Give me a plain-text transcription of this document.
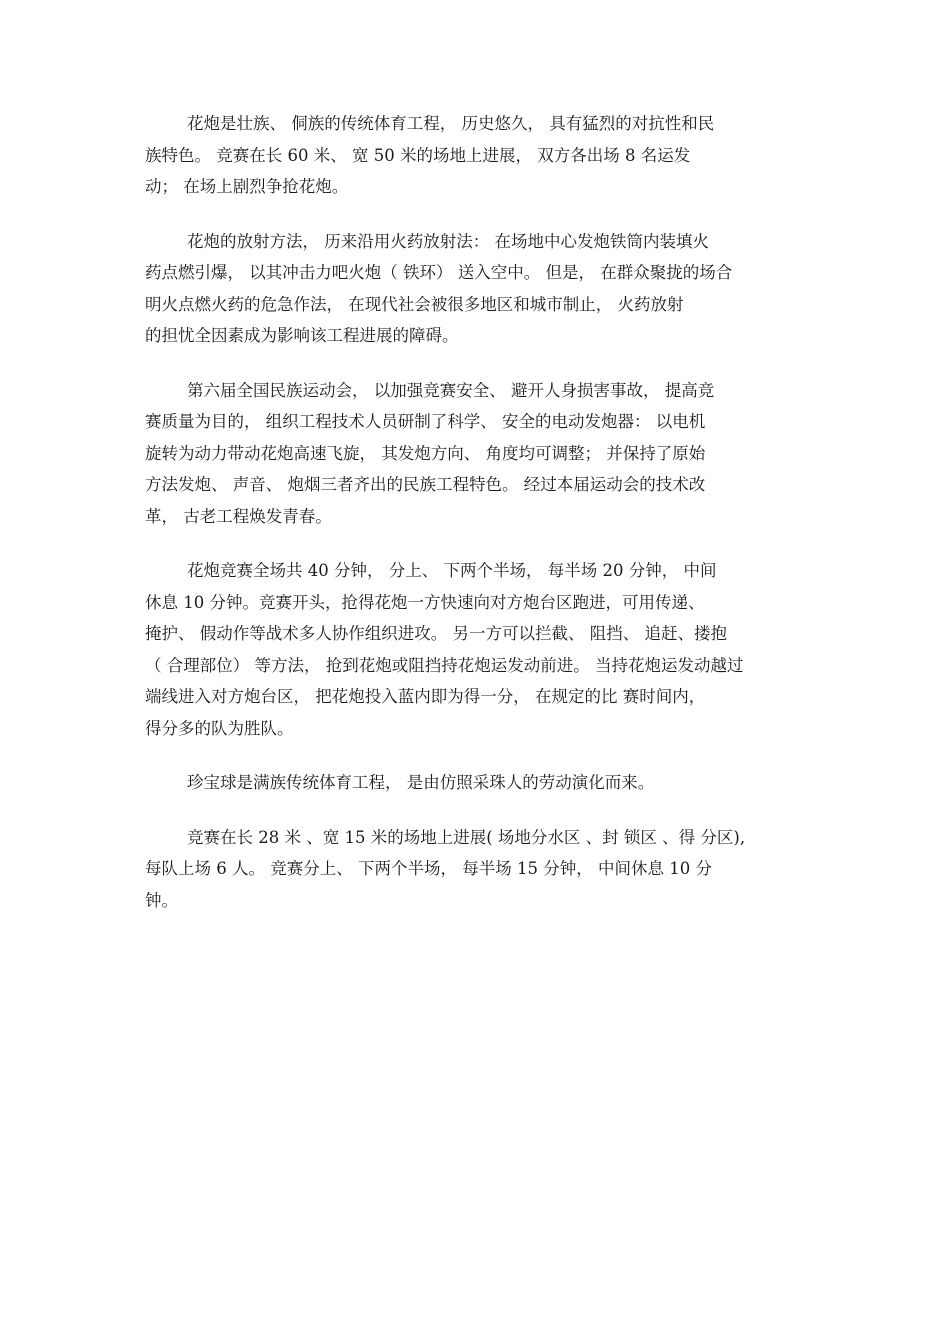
花炮是壮族、 侗族的传统体育工程， 历史悠久， 具有猛烈的对抗性和民
族特色。 竞赛在长 60 米、 宽 50 米的场地上进展， 双方各出场 8 名运发
动； 在场上剧烈争抢花炮。
花炮的放射方法， 历来沿用火药放射法： 在场地中心发炮铁筒内装填火
药点燃引爆， 以其冲击力吧火炮（ 铁环） 送入空中。 但是， 在群众聚拢的场合
明火点燃火药的危急作法， 在现代社会被很多地区和城市制止， 火药放射
的担忧全因素成为影响该工程进展的障碍。
第六届全国民族运动会， 以加强竞赛安全、 避开人身损害事故， 提高竞
赛质量为目的， 组织工程技术人员研制了科学、 安全的电动发炮器： 以电机
旋转为动力带动花炮高速飞旋， 其发炮方向、 角度均可调整； 并保持了原始
方法发炮、 声音、 炮烟三者齐出的民族工程特色。 经过本届运动会的技术改
革， 古老工程焕发青春。
花炮竞赛全场共 40 分钟， 分上、 下两个半场， 每半场 20 分钟， 中间
休息 10 分钟。竞赛开头，抢得花炮一方快速向对方炮台区跑进，可用传递、
掩护、 假动作等战术多人协作组织进攻。 另一方可以拦截、 阻挡、 追赶、搂抱
（ 合理部位） 等方法， 抢到花炮或阻挡持花炮运发动前进。 当持花炮运发动越过
端线进入对方炮台区， 把花炮投入蓝内即为得一分， 在规定的比 赛时间内，
得分多的队为胜队。
珍宝球是满族传统体育工程， 是由仿照采珠人的劳动演化而来。
竞赛在长 28 米 、宽 15 米的场地上进展( 场地分水区 、封 锁区 、得 分区),
每队上场 6 人。 竞赛分上、 下两个半场， 每半场 15 分钟， 中间休息 10 分
钟。
